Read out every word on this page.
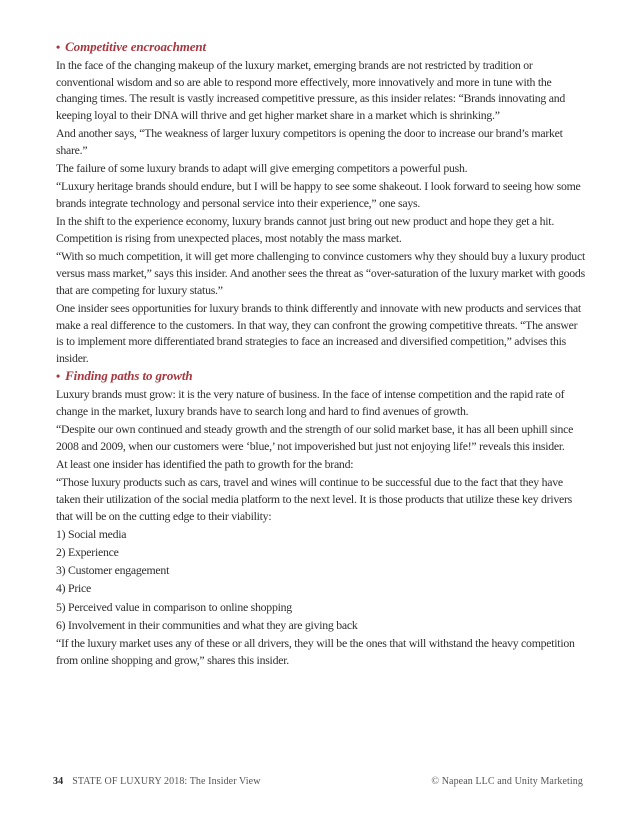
• Competitive encroachment

In the face of the changing makeup of the luxury market, emerging brands are not restricted by tradition or conventional wisdom and so are able to respond more effectively, more innovatively and more in tune with the changing times. The result is vastly increased competitive pressure, as this insider relates: “Brands innovating and keeping loyal to their DNA will thrive and get higher market share in a market which is shrinking.”

And another says, “The weakness of larger luxury competitors is opening the door to increase our brand’s market share.”

The failure of some luxury brands to adapt will give emerging competitors a powerful push.

“Luxury heritage brands should endure, but I will be happy to see some shakeout. I look forward to seeing how some brands integrate technology and personal service into their experience,” one says.

In the shift to the experience economy, luxury brands cannot just bring out new product and hope they get a hit. Competition is rising from unexpected places, most notably the mass market.

“With so much competition, it will get more challenging to convince customers why they should buy a luxury product versus mass market,” says this insider. And another sees the threat as “over-saturation of the luxury market with goods that are competing for luxury status.”

One insider sees opportunities for luxury brands to think differently and innovate with new products and services that make a real difference to the customers. In that way, they can confront the growing competitive threats. “The answer is to implement more differentiated brand strategies to face an increased and diversified competition,” advises this insider.

• Finding paths to growth

Luxury brands must grow: it is the very nature of business. In the face of intense competition and the rapid rate of change in the market, luxury brands have to search long and hard to find avenues of growth.

“Despite our own continued and steady growth and the strength of our solid market base, it has all been uphill since 2008 and 2009, when our customers were ‘blue,’ not impoverished but just not enjoying life!” reveals this insider.

At least one insider has identified the path to growth for the brand:

“Those luxury products such as cars, travel and wines will continue to be successful due to the fact that they have taken their utilization of the social media platform to the next level. It is those products that utilize these key drivers that will be on the cutting edge to their viability:

1) Social media

2) Experience

3) Customer engagement

4) Price

5) Perceived value in comparison to online shopping

6) Involvement in their communities and what they are giving back

“If the luxury market uses any of these or all drivers, they will be the ones that will withstand the heavy competition from online shopping and grow,” shares this insider.

34 STATE OF LUXURY 2018: The Insider View	© Napean LLC and Unity Marketing
